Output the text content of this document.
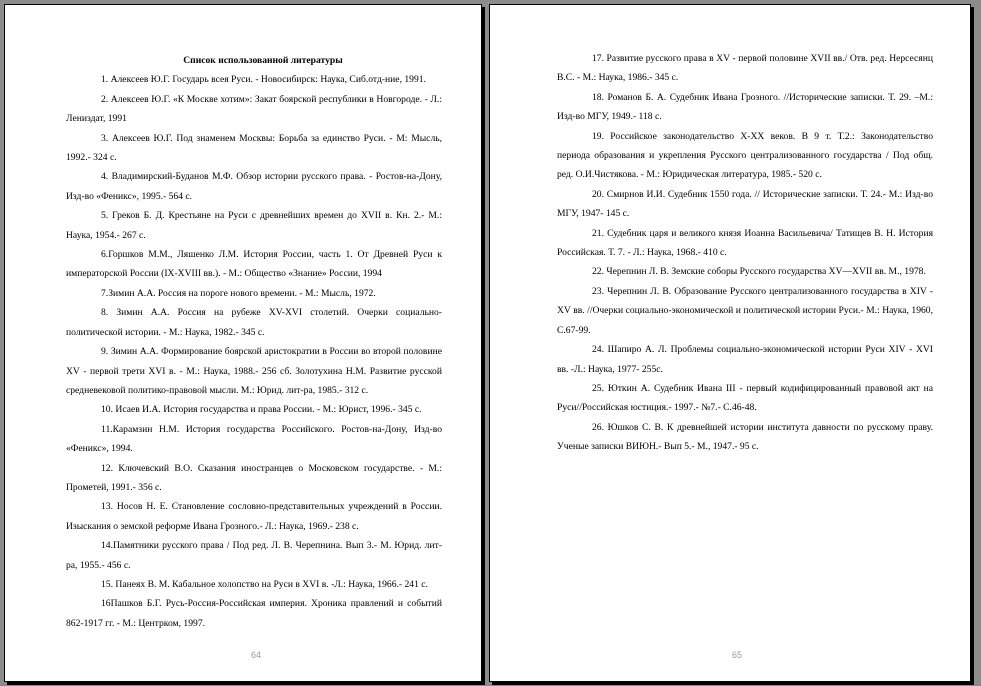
Список использованной литературы

1. Алексеев Ю.Г. Государь всея Руси. - Новосибирск: Наука, Сиб.отд-ние, 1991.

2. Алексеев Ю.Г. «К Москве хотим»: Закат боярской республики в Новгороде. - Л.: Лениздат, 1991

3. Алексеев Ю.Г. Под знаменем Москвы: Борьба за единство Руси. - М: Мысль, 1992.- 324 с.

4. Владимирский-Буданов М.Ф. Обзор истории русского права. - Ростов-на-Дону, Изд-во «Феникс», 1995.- 564 с.

5. Греков Б. Д. Крестьяне на Руси с древнейших времен до XVII в. Кн. 2.- М.: Наука, 1954.- 267 с.

6.Горшков М.М., Ляшенко Л.М. История России, часть 1. От Древней Руси к императорской России (IX-XVIII вв.). - М.: Общество «Знание» России, 1994

7.Зимин А.А. Россия на пороге нового времени. - М.: Мысль, 1972.

8. Зимин А.А. Россия на рубеже XV-XVI столетий. Очерки социально-политической истории. - М.: Наука, 1982.- 345 с.

9. Зимин А.А. Формирование боярской аристократии в России во второй половине XV - первой трети XVI в. - М.: Наука, 1988.- 256 сб. Золотухина Н.М. Развитие русской средневековой политико-правовой мысли. М.: Юрид. лит-ра, 1985.- 312 с.

10. Исаев И.А. История государства и права России. - М.: Юрист, 1996.- 345 с.

11.Карамзин Н.М. История государства Российского. Ростов-на-Дону, Изд-во «Феникс», 1994.

12. Ключевский В.О. Сказания иностранцев о Московском государстве. - М.: Прометей, 1991.- 356 с.

13. Носов Н. Е. Становление сословно-представительных учреждений в России. Изыскания о земской реформе Ивана Грозного.- Л.: Наука, 1969.- 238 с.

14.Памятники русского права / Под ред. Л. В. Черепнина. Вып 3.- М. Юрид. лит-ра, 1955.- 456 с.

15. Панеях В. М. Кабальное холопство на Руси в XVI в. -Л.: Наука, 1966.- 241 с.

16Пашков Б.Г. Русь-Россия-Российская империя. Хроника правлений и событий 862-1917 гг. - М.: Центрком, 1997.

64

17. Развитие русского права в XV - первой половине XVII вв./ Отв. ред. Нерсесянц В.С. - М.: Наука, 1986.- 345 с.

18. Романов Б. А. Судебник Ивана Грозного. //Исторические записки. Т. 29. –М.: Изд-во МГУ, 1949.- 118 с.

19. Российское законодательство X-XX веков. В 9 т. Т.2.: Законодательство периода образования и укрепления Русского централизованного государства / Под общ. ред. О.И.Чистякова. - М.: Юридическая литература, 1985.- 520 с.

20. Смирнов И.И. Судебник 1550 года. // Исторические записки. Т. 24.- М.: Изд-во МГУ, 1947- 145 с.

21. Судебник царя и великого князя Иоанна Васильевича/ Татищев В. Н. История Российская. Т. 7. - Л.: Наука, 1968.- 410 с.

22. Черепнин Л. В. Земские соборы Русского государства XV—XVII вв. М., 1978.

23. Черепнин Л. В. Образование Русского централизованного государства в XIV - XV вв. //Очерки социально-экономической и политической истории Руси.- М.: Наука, 1960, С.67-99.

24. Шапиро А. Л. Проблемы социально-экономической истории Руси XIV - XVI вв. -Л.: Наука, 1977- 255с.

25. Юткин А. Судебник Ивана III - первый кодифицированный правовой акт на Руси//Российская юстиция.- 1997.- №7.- С.46-48.

26. Юшков С. В. К древнейшей истории института давности по русскому праву. Ученые записки ВИЮН.- Вып 5.- М., 1947.- 95 с.

65
